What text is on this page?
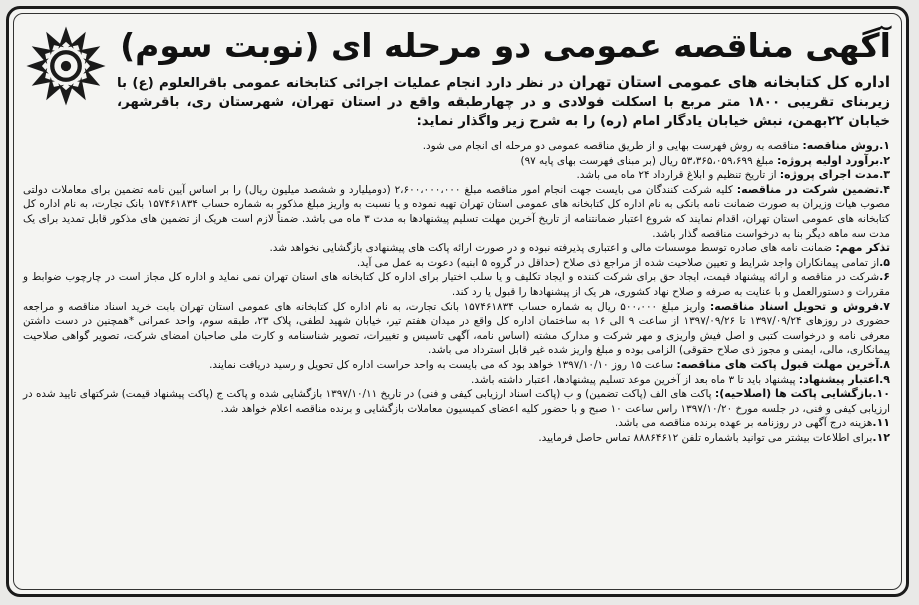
آگهی مناقصه عمومی دو مرحله ای (نوبت سوم)
اداره کل کتابخانه های عمومی استان تهران در نظر دارد انجام عملیات اجرائی کتابخانه عمومی باقرالعلوم (ع) با زیربنای تقریبی ۱۸۰۰ متر مربع با اسکلت فولادی و در چهارطبقه واقع در استان تهران، شهرستان ری، باقرشهر، خیابان ۲۲بهمن، نبش خیابان یادگار امام (ره) را به شرح زیر واگذار نماید:

۱.روش مناقصه: مناقصه به روش فهرست بهایی و از طریق مناقصه عمومی دو مرحله ای انجام می شود.

۲.برآورد اولیه پروژه: مبلغ ۵۳،۳۶۵،۰۵۹،۶۹۹ ریال (بر مبنای فهرست بهای پایه ۹۷)

۳.مدت اجرای پروژه: از تاریخ تنظیم و ابلاغ قرارداد ۲۴ ماه می باشد.

۴.تضمین شرکت در مناقصه: کلیه شرکت کنندگان می بایست جهت انجام امور مناقصه مبلغ ۲،۶۰۰،۰۰۰،۰۰۰ (دومیلیارد و ششصد میلیون ریال) را بر اساس آیین نامه تضمین برای معاملات دولتی مصوب هیات وزیران به صورت ضمانت نامه بانکی به نام اداره کل کتابخانه های عمومی استان تهران تهیه نموده و یا نسبت به واریز مبلغ مذکور به شماره حساب ۱۵۷۴۶۱۸۳۴ بانک تجارت، به نام اداره کل کتابخانه های عمومی استان تهران، اقدام نمایند که شروع اعتبار ضمانتنامه از تاریخ آخرین مهلت تسلیم پیشنهادها به مدت ۳ ماه می باشد. ضمناً لازم است هریک از تضمین های مذکور قابل تمدید برای یک مدت سه ماهه دیگر بنا به درخواست مناقصه گذار باشد.

تذکر مهم: ضمانت نامه های صادره توسط موسسات مالی و اعتباری پذیرفته نبوده و در صورت ارائه پاکت های پیشنهادی بازگشایی نخواهد شد.

۵.از تمامی پیمانکاران واجد شرایط و تعیین صلاحیت شده از مراجع ذی صلاح (حداقل در گروه ۵ ابنیه) دعوت به عمل می آید.

۶.شرکت در مناقصه و ارائه پیشنهاد قیمت، ایجاد حق برای شرکت کننده و ایجاد تکلیف و یا سلب اختیار برای اداره کل کتابخانه های استان تهران نمی نماید و اداره کل مجاز است در چارچوب ضوابط و مقررات و دستورالعمل و با عنایت به صرفه و صلاح نهاد کشوری، هر یک از پیشنهادها را قبول یا رد کند.

۷.فروش و تحویل اسناد مناقصه: واریز مبلغ ۵۰۰،۰۰۰ ریال به شماره حساب ۱۵۷۴۶۱۸۳۴ بانک تجارت، به نام اداره کل کتابخانه های عمومی استان تهران بابت خرید اسناد مناقصه و مراجعه حضوری در روزهای ۱۳۹۷/۰۹/۲۴ تا ۱۳۹۷/۰۹/۲۶ از ساعت ۹ الی ۱۶ به ساختمان اداره کل واقع در میدان هفتم تیر، خیابان شهید لطفی، پلاک ۲۳، طبقه سوم، واحد عمرانی *همچنین در دست داشتن معرفی نامه و درخواست کتبی و اصل فیش واریزی و مهر شرکت و مدارک مشته (اساس نامه، آگهی تاسیس و تغییرات، تصویر شناسنامه و کارت ملی صاحبان امضای شرکت، تصویر گواهی صلاحیت پیمانکاری، مالی، ایمنی و مجوز ذی صلاح حقوقی) الزامی بوده و مبلغ واریز شده غیر قابل استرداد می باشد.

۸.آخرین مهلت قبول پاکت های مناقصه: ساعت ۱۵ روز ۱۳۹۷/۱۰/۱۰ خواهد بود که می بایست به واحد حراست اداره کل تحویل و رسید دریافت نمایند.

۹.اعتبار پیشنهاد: پیشنهاد باید تا ۳ ماه بعد از آخرین موعد تسلیم پیشنهادها، اعتبار داشته باشد.

۱۰.بازگشایی پاکت ها (اصلاحیه): پاکت های الف (پاکت تضمین) و ب (پاکت اسناد ارزیابی کیفی و فنی) در تاریخ ۱۳۹۷/۱۰/۱۱ بازگشایی شده و پاکت ج (پاکت پیشنهاد قیمت) شرکتهای تایید شده در ارزیابی کیفی و فنی، در جلسه مورخ ۱۳۹۷/۱۰/۲۰ راس ساعت ۱۰ صبح و با حضور کلیه اعضای کمیسیون معاملات بازگشایی و برنده مناقصه اعلام خواهد شد.

۱۱.هزینه درج آگهی در روزنامه بر عهده برنده مناقصه می باشد.

۱۲.برای اطلاعات بیشتر می توانید باشماره تلفن ۸۸۸۶۴۶۱۲ تماس حاصل فرمایید.
